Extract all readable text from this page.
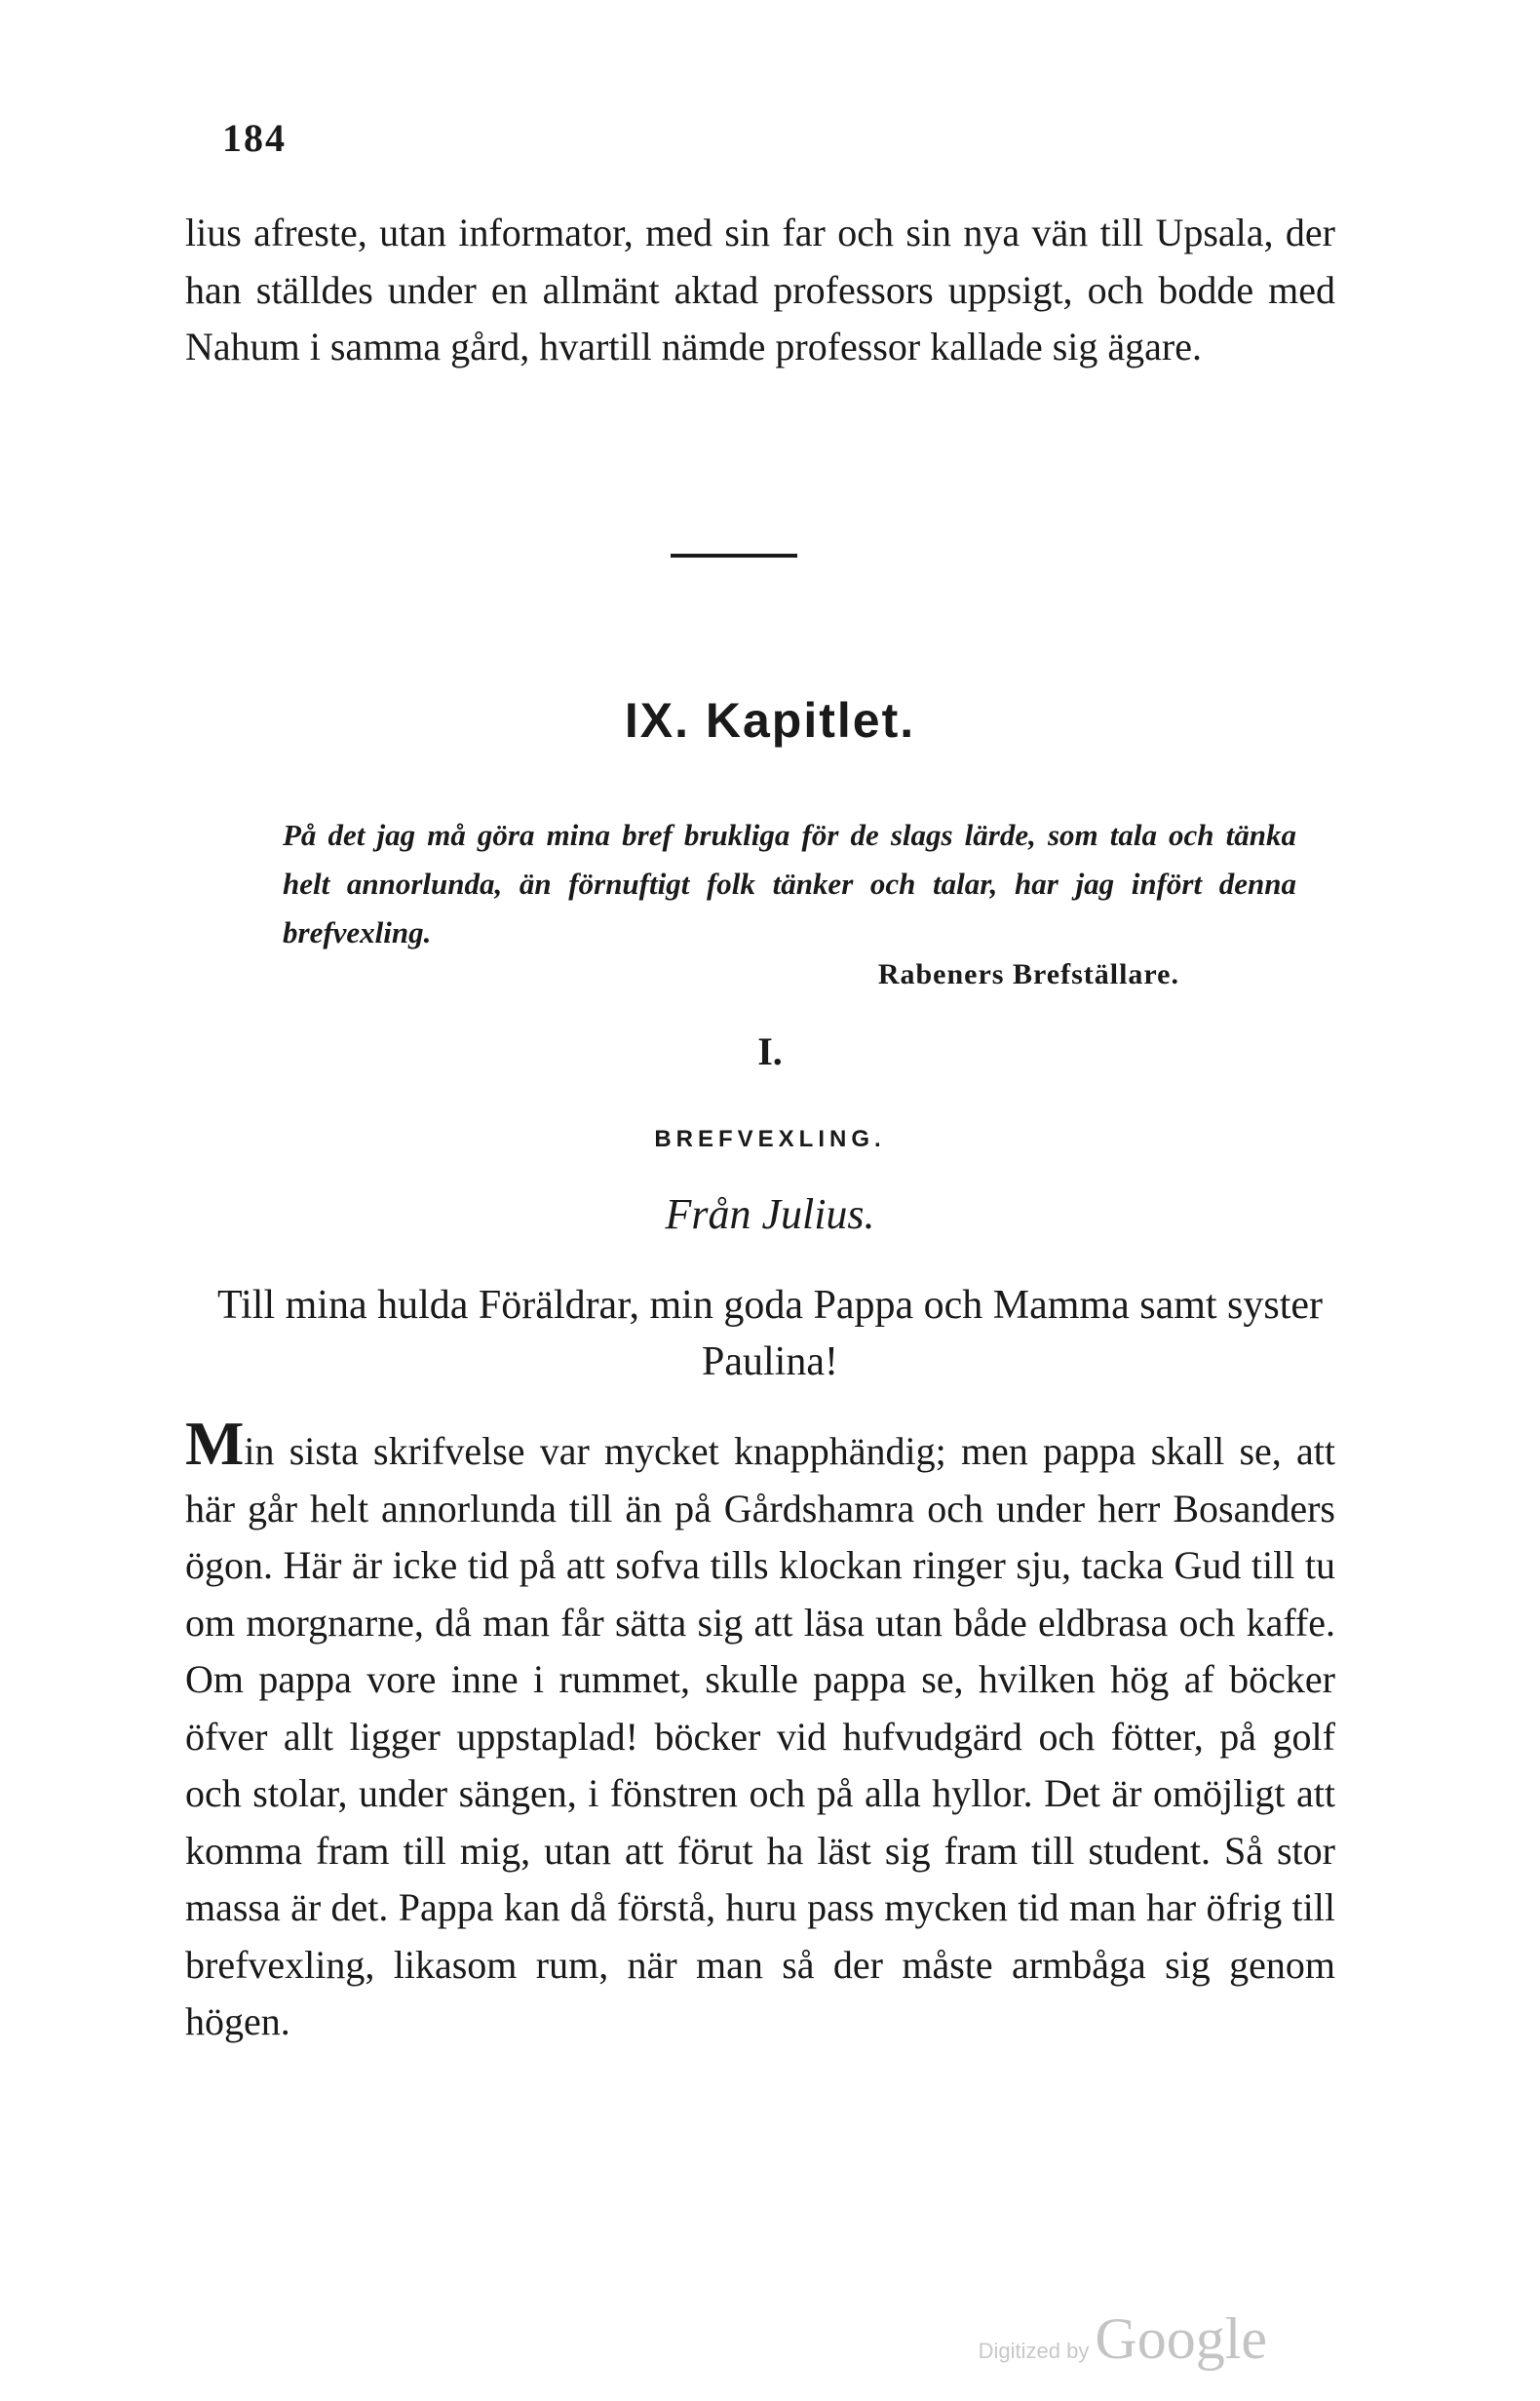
184
lius afreste, utan informator, med sin far och sin nya vän till Upsala, der han ställdes under en allmänt aktad professors uppsigt, och bodde med Nahum i samma gård, hvartill nämde professor kallade sig ägare.
IX. Kapitlet.
På det jag må göra mina bref brukliga för de slags lärde, som tala och tänka helt annorlunda, än förnuftigt folk tänker och talar, har jag infört denna brefvexling.
Rabeners Brefställare.
I.
BREFVEXLING.
Från Julius.
Till mina hulda Föräldrar, min goda Pappa och Mamma samt syster Paulina!
Min sista skrifvelse var mycket knapphändig; men pappa skall se, att här går helt annorlunda till än på Gårdshamra och under herr Bosanders ögon. Här är icke tid på att sofva tills klockan ringer sju, tacka Gud till tu om morgnarne, då man får sätta sig att läsa utan både eldbrasa och kaffe. Om pappa vore inne i rummet, skulle pappa se, hvilken hög af böcker öfver allt ligger uppstaplad! böcker vid hufvudgärd och fötter, på golf och stolar, under sängen, i fönstren och på alla hyllor. Det är omöjligt att komma fram till mig, utan att förut ha läst sig fram till student. Så stor massa är det. Pappa kan då förstå, huru pass mycken tid man har öfrig till brefvexling, likasom rum, när man så der måste armbåga sig genom högen.
Digitized by Google
